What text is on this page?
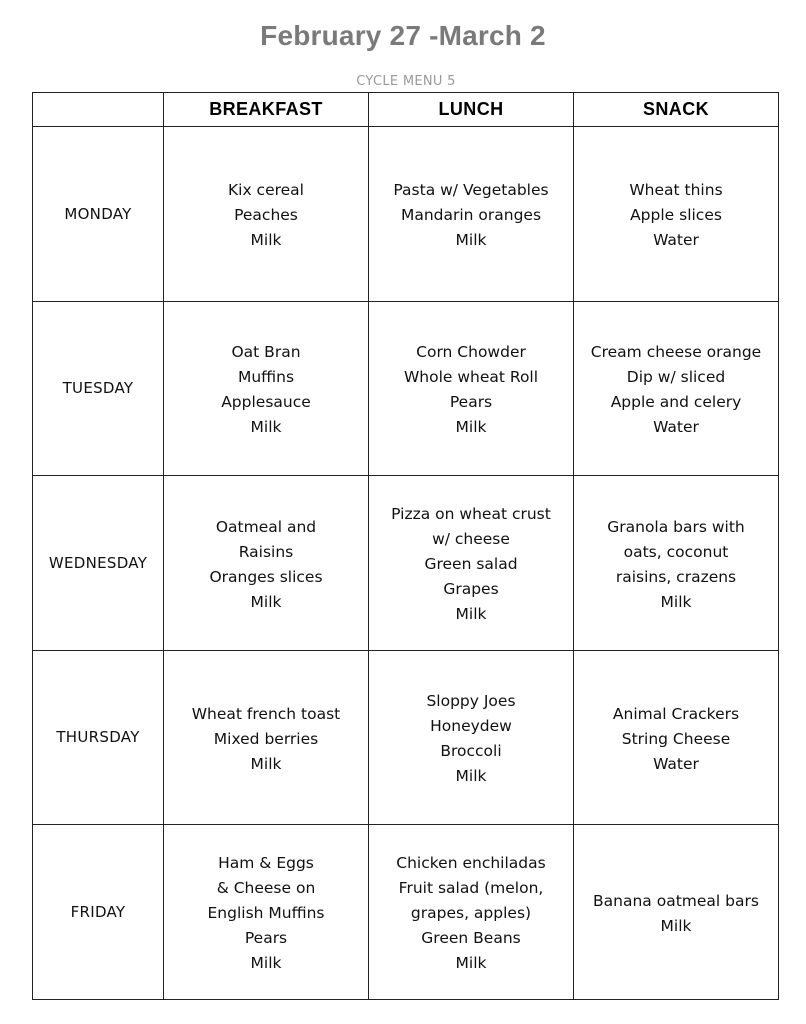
February 27 -March 2
CYCLE MENU 5
	BREAKFAST	LUNCH	SNACK
MONDAY	Kix cereal
Peaches
Milk	Pasta w/ Vegetables
Mandarin oranges
Milk	Wheat thins
Apple slices
Water

TUESDAY	Oat Bran
Muffins
Applesauce
Milk	Corn Chowder
Whole wheat Roll
Pears
Milk	Cream cheese orange
Dip w/ sliced
Apple and celery
Water

WEDNESDAY	Oatmeal and
Raisins
Oranges slices
Milk	Pizza on wheat crust
w/ cheese
Green salad
Grapes
Milk	Granola bars with
oats, coconut
raisins, crazens
Milk

THURSDAY	Wheat french toast
Mixed berries
Milk	Sloppy Joes
Honeydew
Broccoli
Milk	Animal Crackers
String Cheese
Water

FRIDAY	Ham & Eggs
& Cheese on
English Muffins
Pears
Milk	Chicken enchiladas
Fruit salad (melon,
grapes, apples)
Green Beans
Milk	Banana oatmeal bars
Milk
